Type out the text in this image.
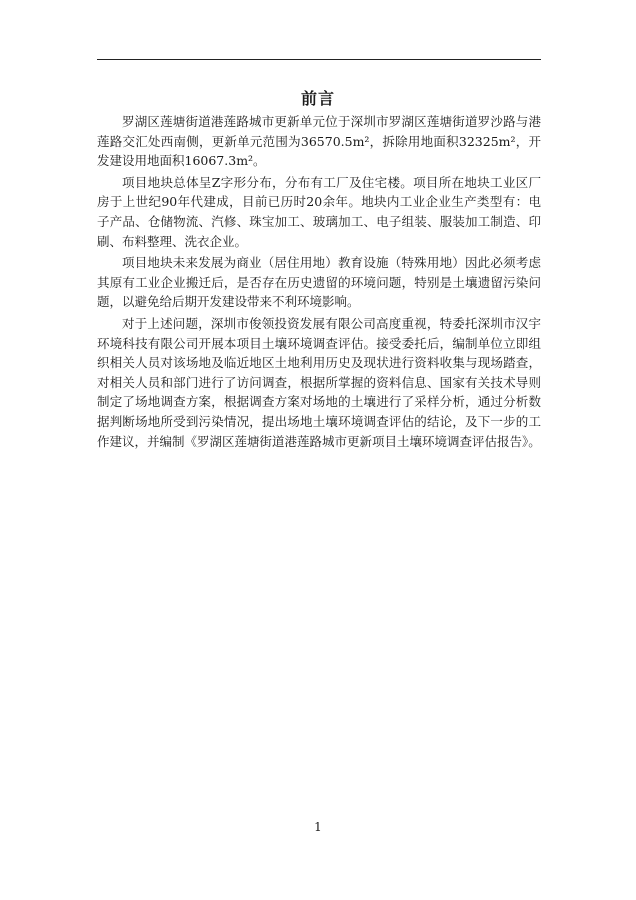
前言

罗湖区莲塘街道港莲路城市更新单元位于深圳市罗湖区莲塘街道罗沙路与港莲路交汇处西南侧，更新单元范围为36570.5m²，拆除用地面积32325m²，开发建设用地面积16067.3m²。

项目地块总体呈Z字形分布，分布有工厂及住宅楼。项目所在地块工业区厂房于上世纪90年代建成，目前已历时20余年。地块内工业企业生产类型有：电子产品、仓储物流、汽修、珠宝加工、玻璃加工、电子组装、服装加工制造、印刷、布料整理、洗衣企业。

项目地块未来发展为商业（居住用地）教育设施（特殊用地）因此必须考虑其原有工业企业搬迁后，是否存在历史遗留的环境问题，特别是土壤遗留污染问题，以避免给后期开发建设带来不利环境影响。

对于上述问题，深圳市俊领投资发展有限公司高度重视，特委托深圳市汉宇环境科技有限公司开展本项目土壤环境调查评估。接受委托后，编制单位立即组织相关人员对该场地及临近地区土地利用历史及现状进行资料收集与现场踏查，对相关人员和部门进行了访问调查，根据所掌握的资料信息、国家有关技术导则制定了场地调查方案，根据调查方案对场地的土壤进行了采样分析，通过分析数据判断场地所受到污染情况，提出场地土壤环境调查评估的结论，及下一步的工作建议，并编制《罗湖区莲塘街道港莲路城市更新项目土壤环境调查评估报告》。

1
